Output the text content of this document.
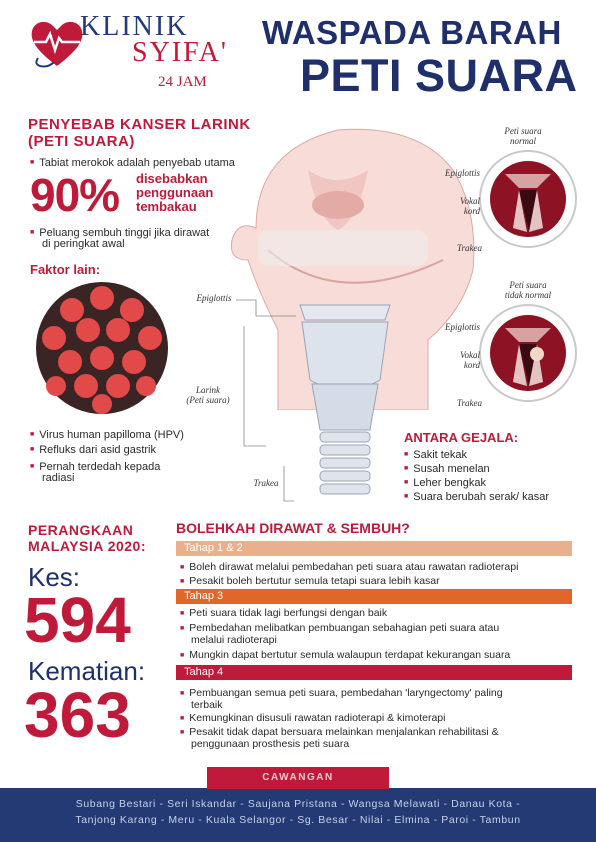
KLINIK
SYIFA'
24 JAM
WASPADA BARAH
PETI SUARA
Epiglottis
Larink
(Peti suara)
Trakea
Peti suara
normal
Epiglottis
Vokal
kord
Trakea
Peti suara
tidak normal
Epiglottis
Vokal
kord
Trakea
PENYEBAB KANSER LARINK
(PETI SUARA)
■ Tabiat merokok adalah penyebab utama
90% disebabkan
penggunaan
tembakau
■ Peluang sembuh tinggi jika dirawat
di peringkat awal
Faktor lain:
■ Virus human papilloma (HPV)
■ Refluks dari asid gastrik
■ Pernah terdedah kepada
radiasi
ANTARA GEJALA:
■ Sakit tekak
■ Susah menelan
■ Leher bengkak
■ Suara berubah serak/ kasar
PERANGKAAN
MALAYSIA 2020:
Kes:
594
Kematian:
363
BOLEHKAH DIRAWAT & SEMBUH?
Tahap 1 & 2
■ Boleh dirawat melalui pembedahan peti suara atau rawatan radioterapi
■ Pesakit boleh bertutur semula tetapi suara lebih kasar
Tahap 3
■ Peti suara tidak lagi berfungsi dengan baik
■ Pembedahan melibatkan pembuangan sebahagian peti suara atau
melalui radioterapi
■ Mungkin dapat bertutur semula walaupun terdapat kekurangan suara
Tahap 4
■ Pembuangan semua peti suara, pembedahan 'laryngectomy' paling
terbaik
■ Kemungkinan disusuli rawatan radioterapi & kimoterapi
■ Pesakit tidak dapat bersuara melainkan menjalankan rehabilitasi &
penggunaan prosthesis peti suara
Subang Bestari - Seri Iskandar - Saujana Pristana - Wangsa Melawati - Danau Kota -
Tanjong Karang - Meru - Kuala Selangor - Sg. Besar - Nilai - Elmina - Paroi - Tambun
CAWANGAN
